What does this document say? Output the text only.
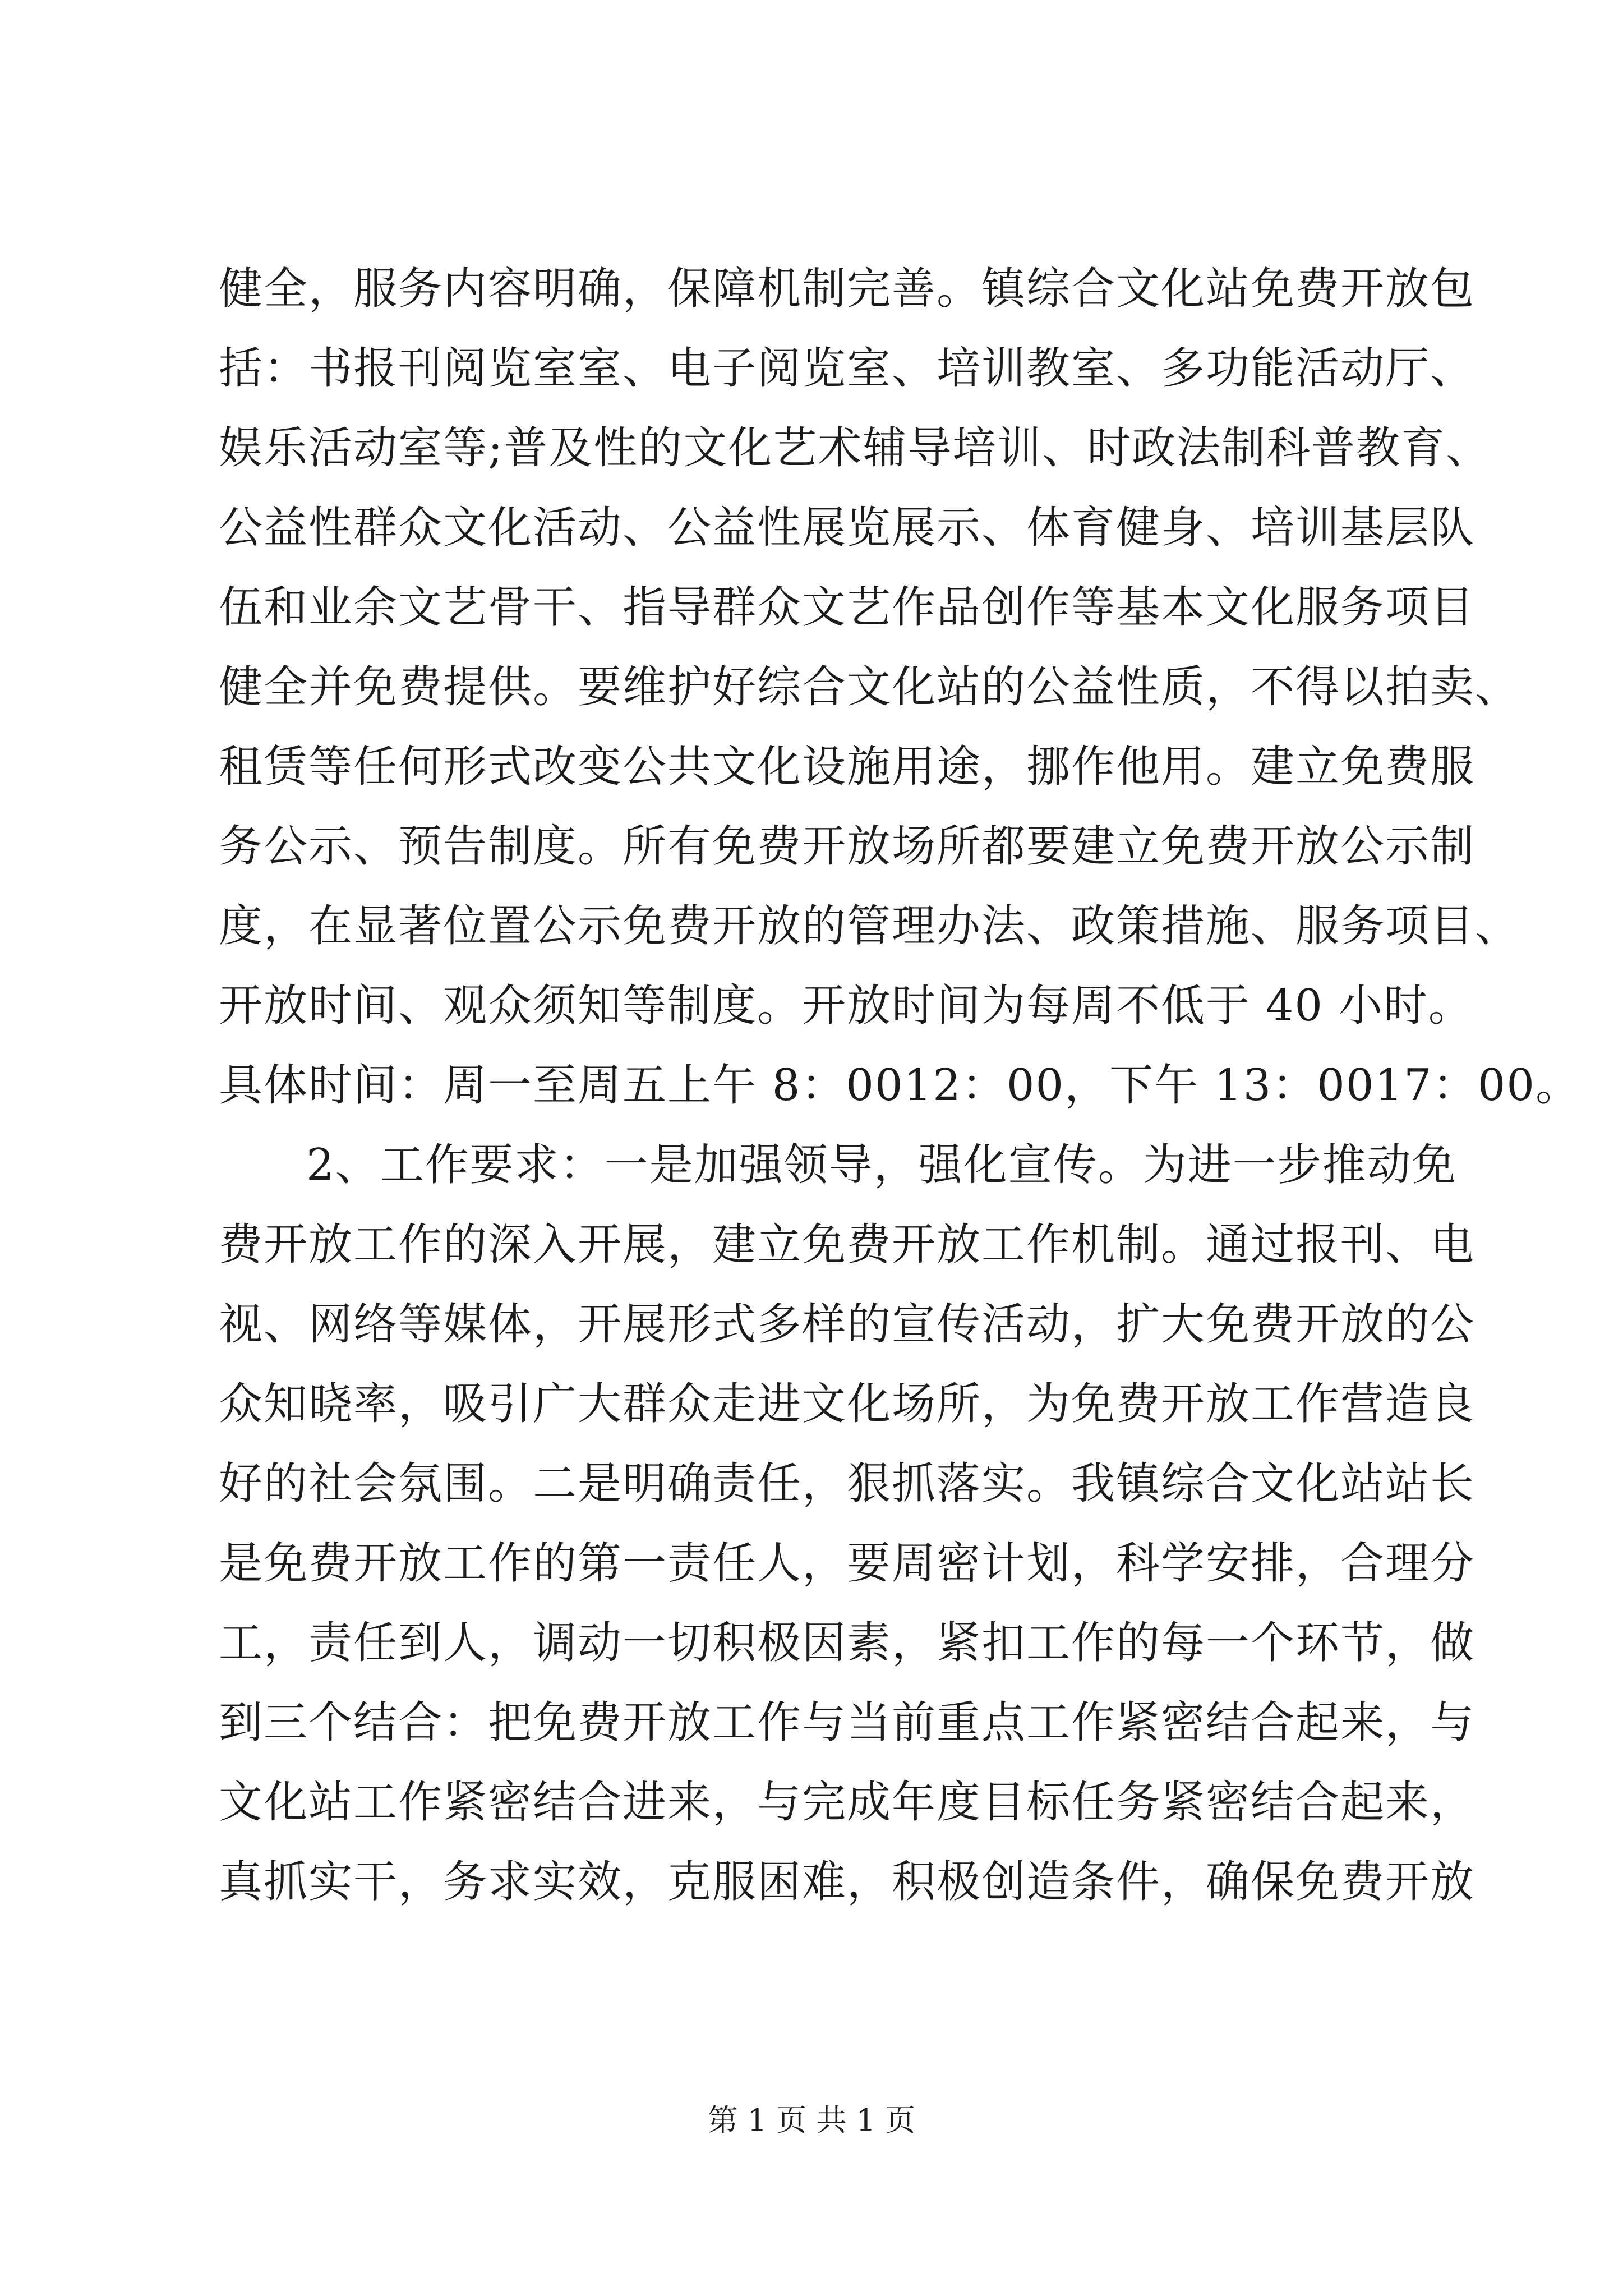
健全，服务内容明确，保障机制完善。镇综合文化站免费开放包
括：书报刊阅览室室、电子阅览室、培训教室、多功能活动厅、
娱乐活动室等;普及性的文化艺术辅导培训、时政法制科普教育、
公益性群众文化活动、公益性展览展示、体育健身、培训基层队
伍和业余文艺骨干、指导群众文艺作品创作等基本文化服务项目
健全并免费提供。要维护好综合文化站的公益性质，不得以拍卖、
租赁等任何形式改变公共文化设施用途，挪作他用。建立免费服
务公示、预告制度。所有免费开放场所都要建立免费开放公示制
度，在显著位置公示免费开放的管理办法、政策措施、服务项目、
开放时间、观众须知等制度。开放时间为每周不低于 40 小时。
具体时间：周一至周五上午 8：0012：00，下午 13：0017：00。
2、工作要求：一是加强领导，强化宣传。为进一步推动免
费开放工作的深入开展，建立免费开放工作机制。通过报刊、电
视、网络等媒体，开展形式多样的宣传活动，扩大免费开放的公
众知晓率，吸引广大群众走进文化场所，为免费开放工作营造良
好的社会氛围。二是明确责任，狠抓落实。我镇综合文化站站长
是免费开放工作的第一责任人，要周密计划，科学安排，合理分
工，责任到人，调动一切积极因素，紧扣工作的每一个环节，做
到三个结合：把免费开放工作与当前重点工作紧密结合起来，与
文化站工作紧密结合进来，与完成年度目标任务紧密结合起来，
真抓实干，务求实效，克服困难，积极创造条件，确保免费开放
第 1 页 共 1 页
